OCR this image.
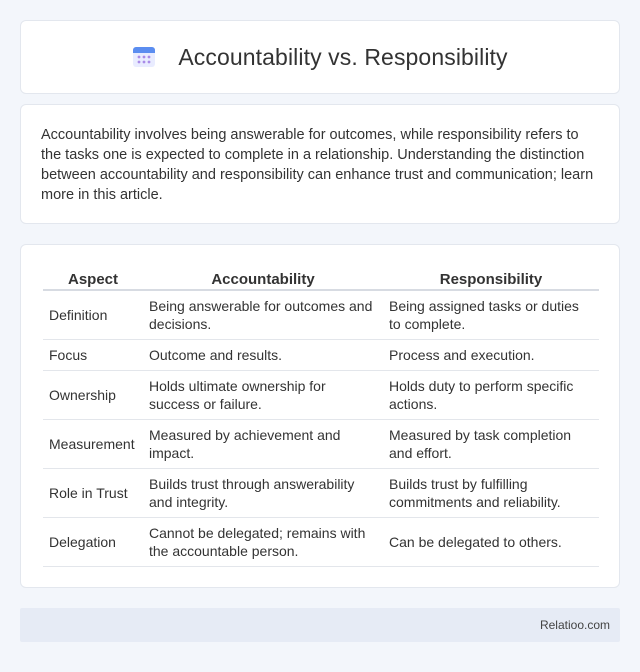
Accountability vs. Responsibility

Accountability involves being answerable for outcomes, while responsibility refers to the tasks one is expected to complete in a relationship. Understanding the distinction between accountability and responsibility can enhance trust and communication; learn more in this article.

Aspect	Accountability	Responsibility
Definition	Being answerable for outcomes and decisions.	Being assigned tasks or duties to complete.
Focus	Outcome and results.	Process and execution.
Ownership	Holds ultimate ownership for success or failure.	Holds duty to perform specific actions.
Measurement	Measured by achievement and impact.	Measured by task completion and effort.
Role in Trust	Builds trust through answerability and integrity.	Builds trust by fulfilling commitments and reliability.
Delegation	Cannot be delegated; remains with the accountable person.	Can be delegated to others.
Relatioo.com
